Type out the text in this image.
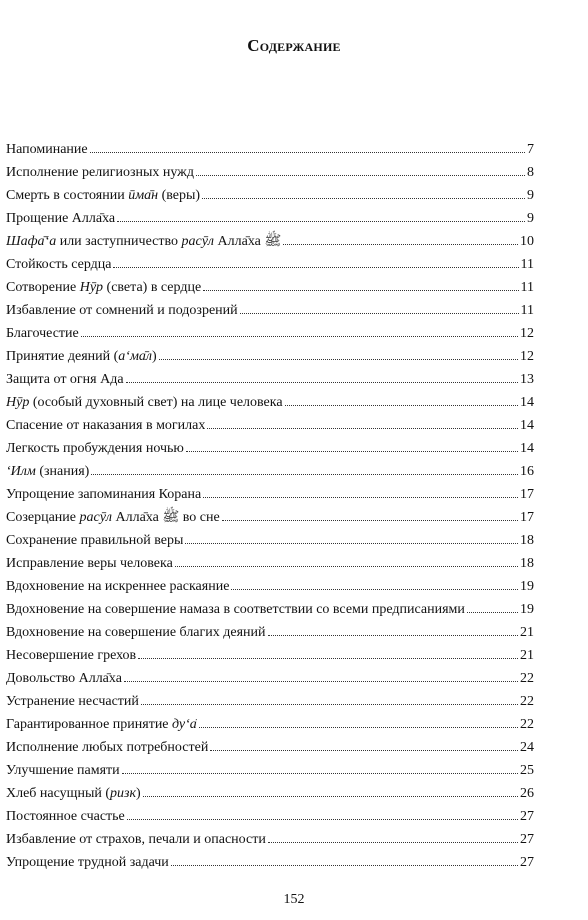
Содержание
Напоминание	7
Исполнение религиозных нужд	8
Смерть в состоянии ӣма̄н (веры)	9
Прощение Алла̄ха	9
Шафа̄ʻа или заступничество расӯл Алла̄ха ﷺ	10
Стойкость сердца	11
Сотворение Нӯр (света) в сердце	11
Избавление от сомнений и подозрений	11
Благочестие	12
Принятие деяний (аʻма̄л)	12
Защита от огня Ада	13
Нӯр (особый духовный свет) на лице человека	14
Спасение от наказания в могилах	14
Легкость пробуждения ночью	14
ʻИлм (знания)	16
Упрощение запоминания Корана	17
Созерцание расӯл Алла̄ха ﷺ во сне	17
Сохранение правильной веры	18
Исправление веры человека	18
Вдохновение на искреннее раскаяние	19
Вдохновение на совершение намаза в соответствии со всеми предписаниями	19
Вдохновение на совершение благих деяний	21
Несовершение грехов	21
Довольство Алла̄ха	22
Устранение несчастий	22
Гарантированное принятие дуʻа̄	22
Исполнение любых потребностей	24
Улучшение памяти	25
Хлеб насущный (ризк)	26
Постоянное счастье	27
Избавление от страхов, печали и опасности	27
Упрощение трудной задачи	27
152
